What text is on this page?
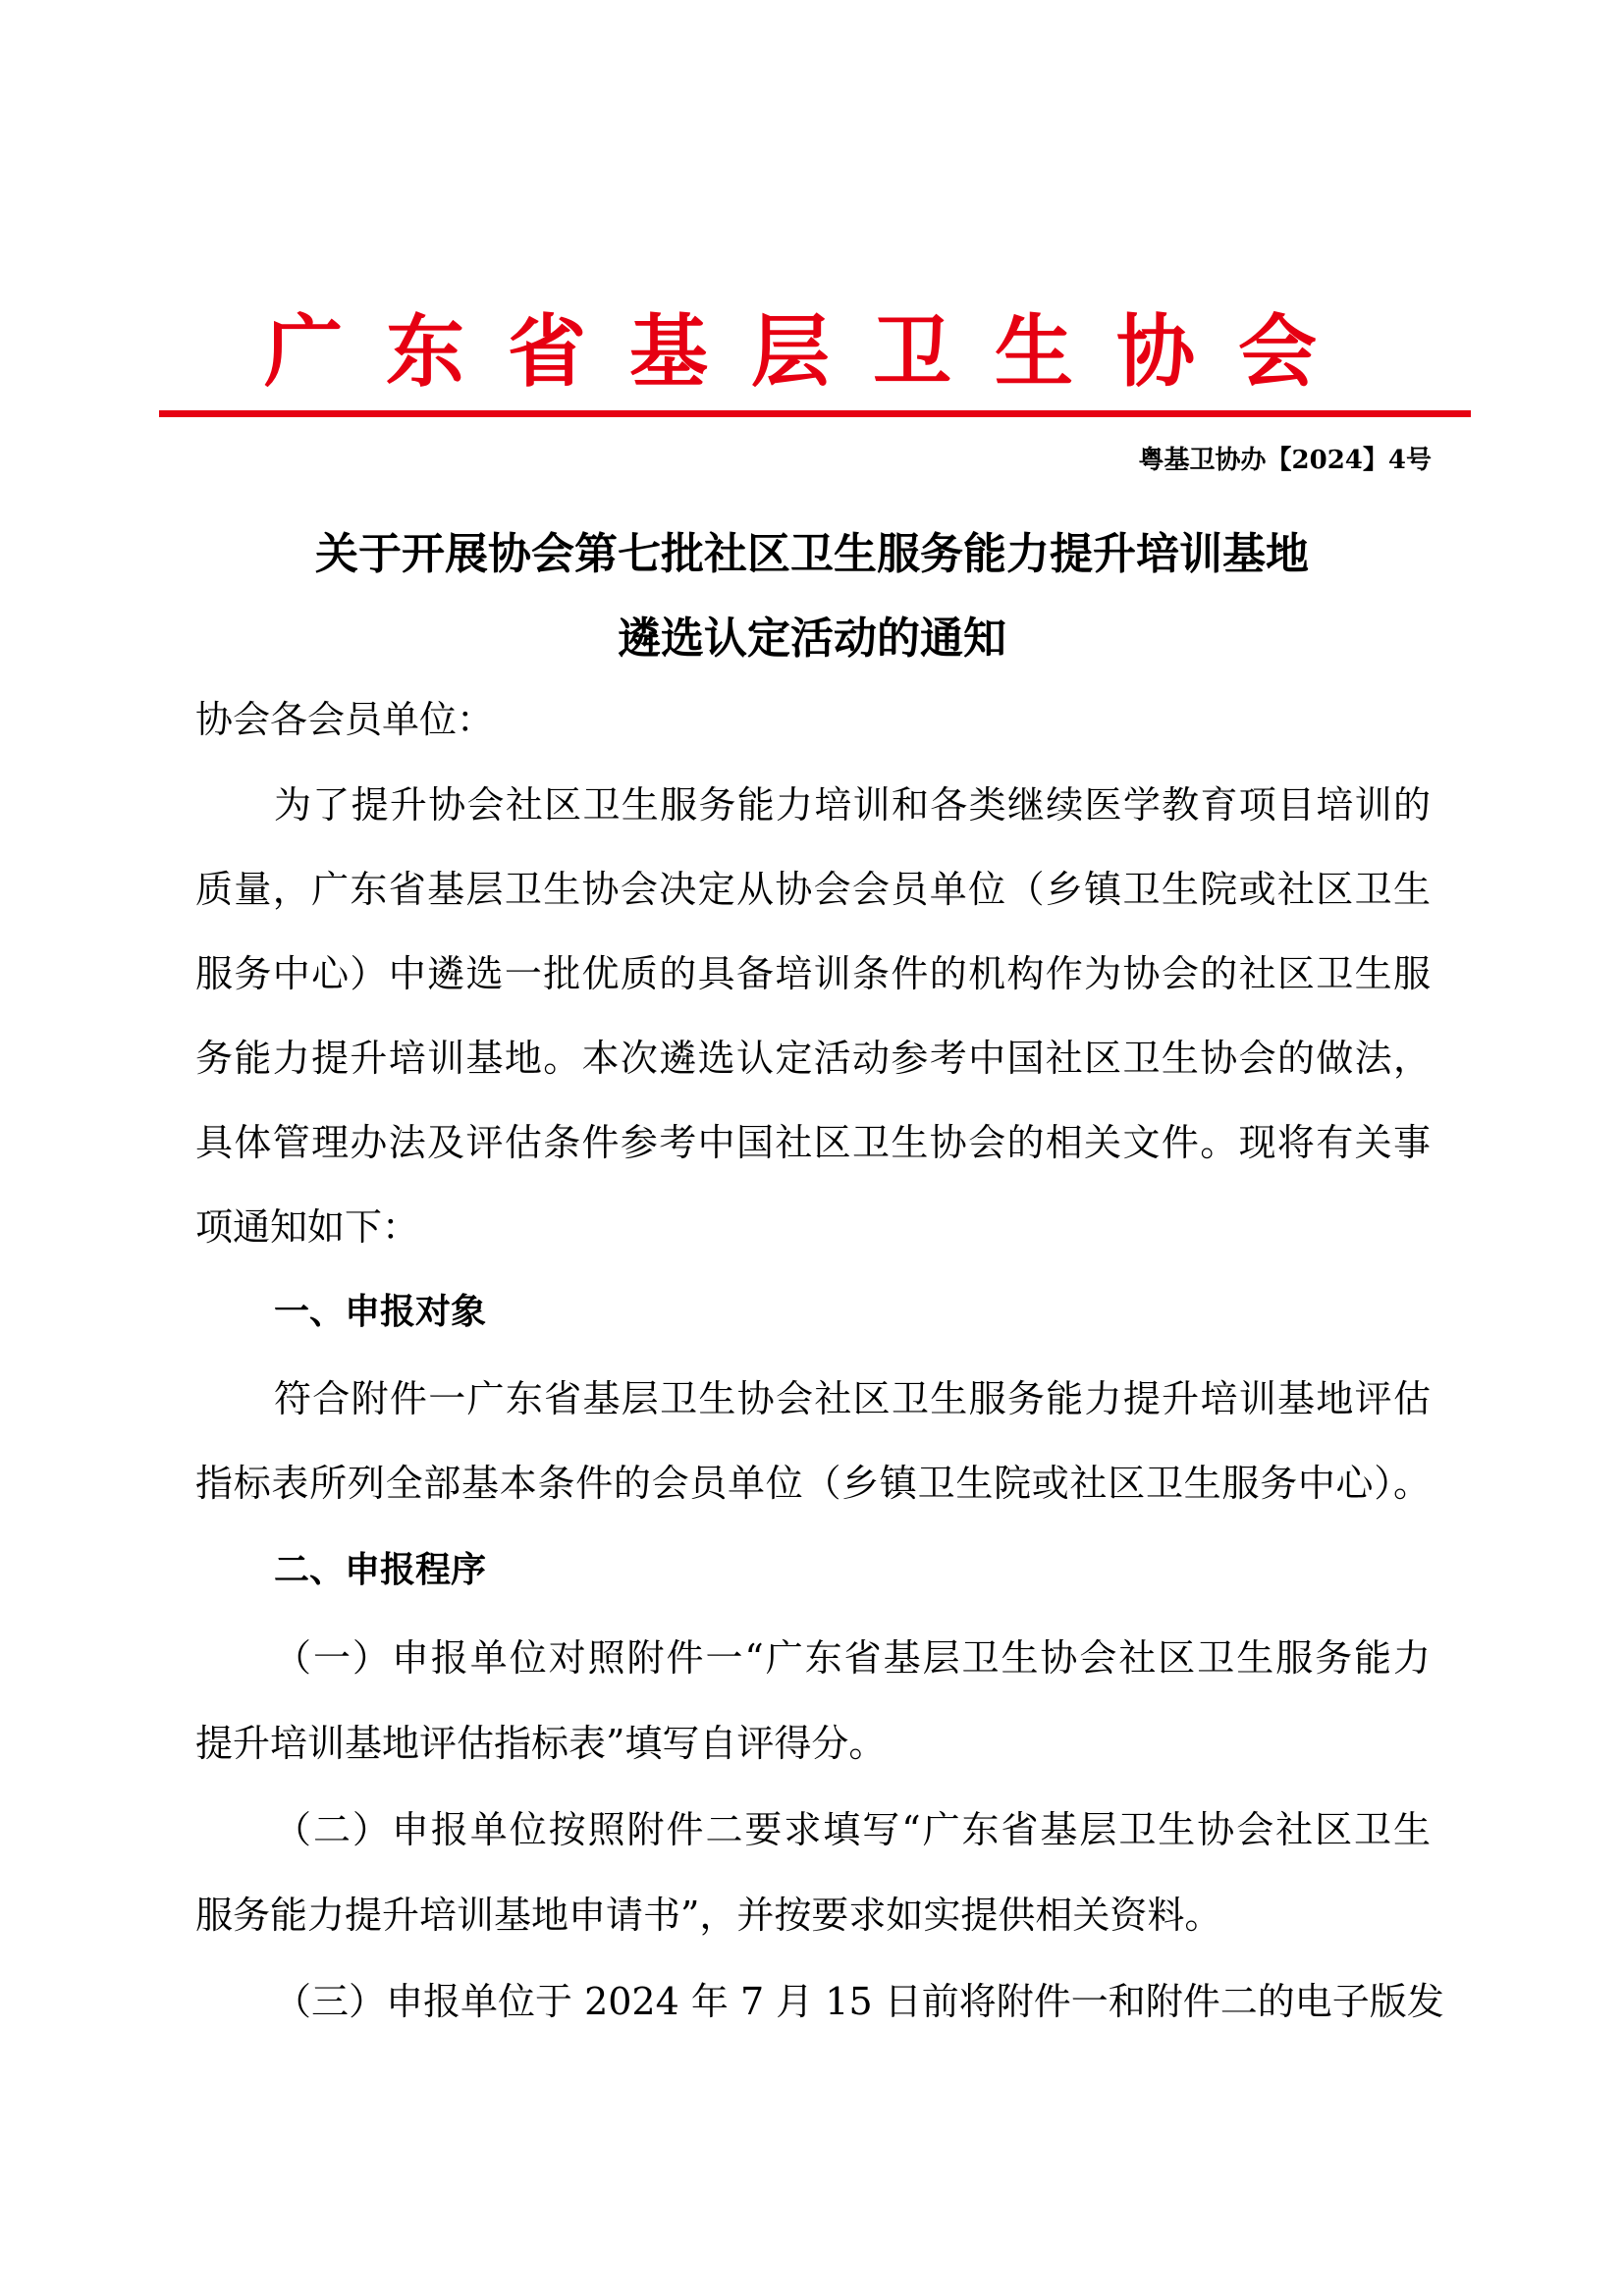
广东省基层卫生协会
粤基卫协办【2024】4号
关于开展协会第七批社区卫生服务能力提升培训基地
遴选认定活动的通知
协会各会员单位：
为了提升协会社区卫生服务能力培训和各类继续医学教育项目培训的
质量，广东省基层卫生协会决定从协会会员单位（乡镇卫生院或社区卫生
服务中心）中遴选一批优质的具备培训条件的机构作为协会的社区卫生服
务能力提升培训基地。本次遴选认定活动参考中国社区卫生协会的做法，
具体管理办法及评估条件参考中国社区卫生协会的相关文件。现将有关事
项通知如下：
一、申报对象
符合附件一广东省基层卫生协会社区卫生服务能力提升培训基地评估
指标表所列全部基本条件的会员单位（乡镇卫生院或社区卫生服务中心）。
二、申报程序
（一）申报单位对照附件一“广东省基层卫生协会社区卫生服务能力
提升培训基地评估指标表”填写自评得分。
（二）申报单位按照附件二要求填写“广东省基层卫生协会社区卫生
服务能力提升培训基地申请书”，并按要求如实提供相关资料。
（三）申报单位于 2024 年 7 月 15 日前将附件一和附件二的电子版发
